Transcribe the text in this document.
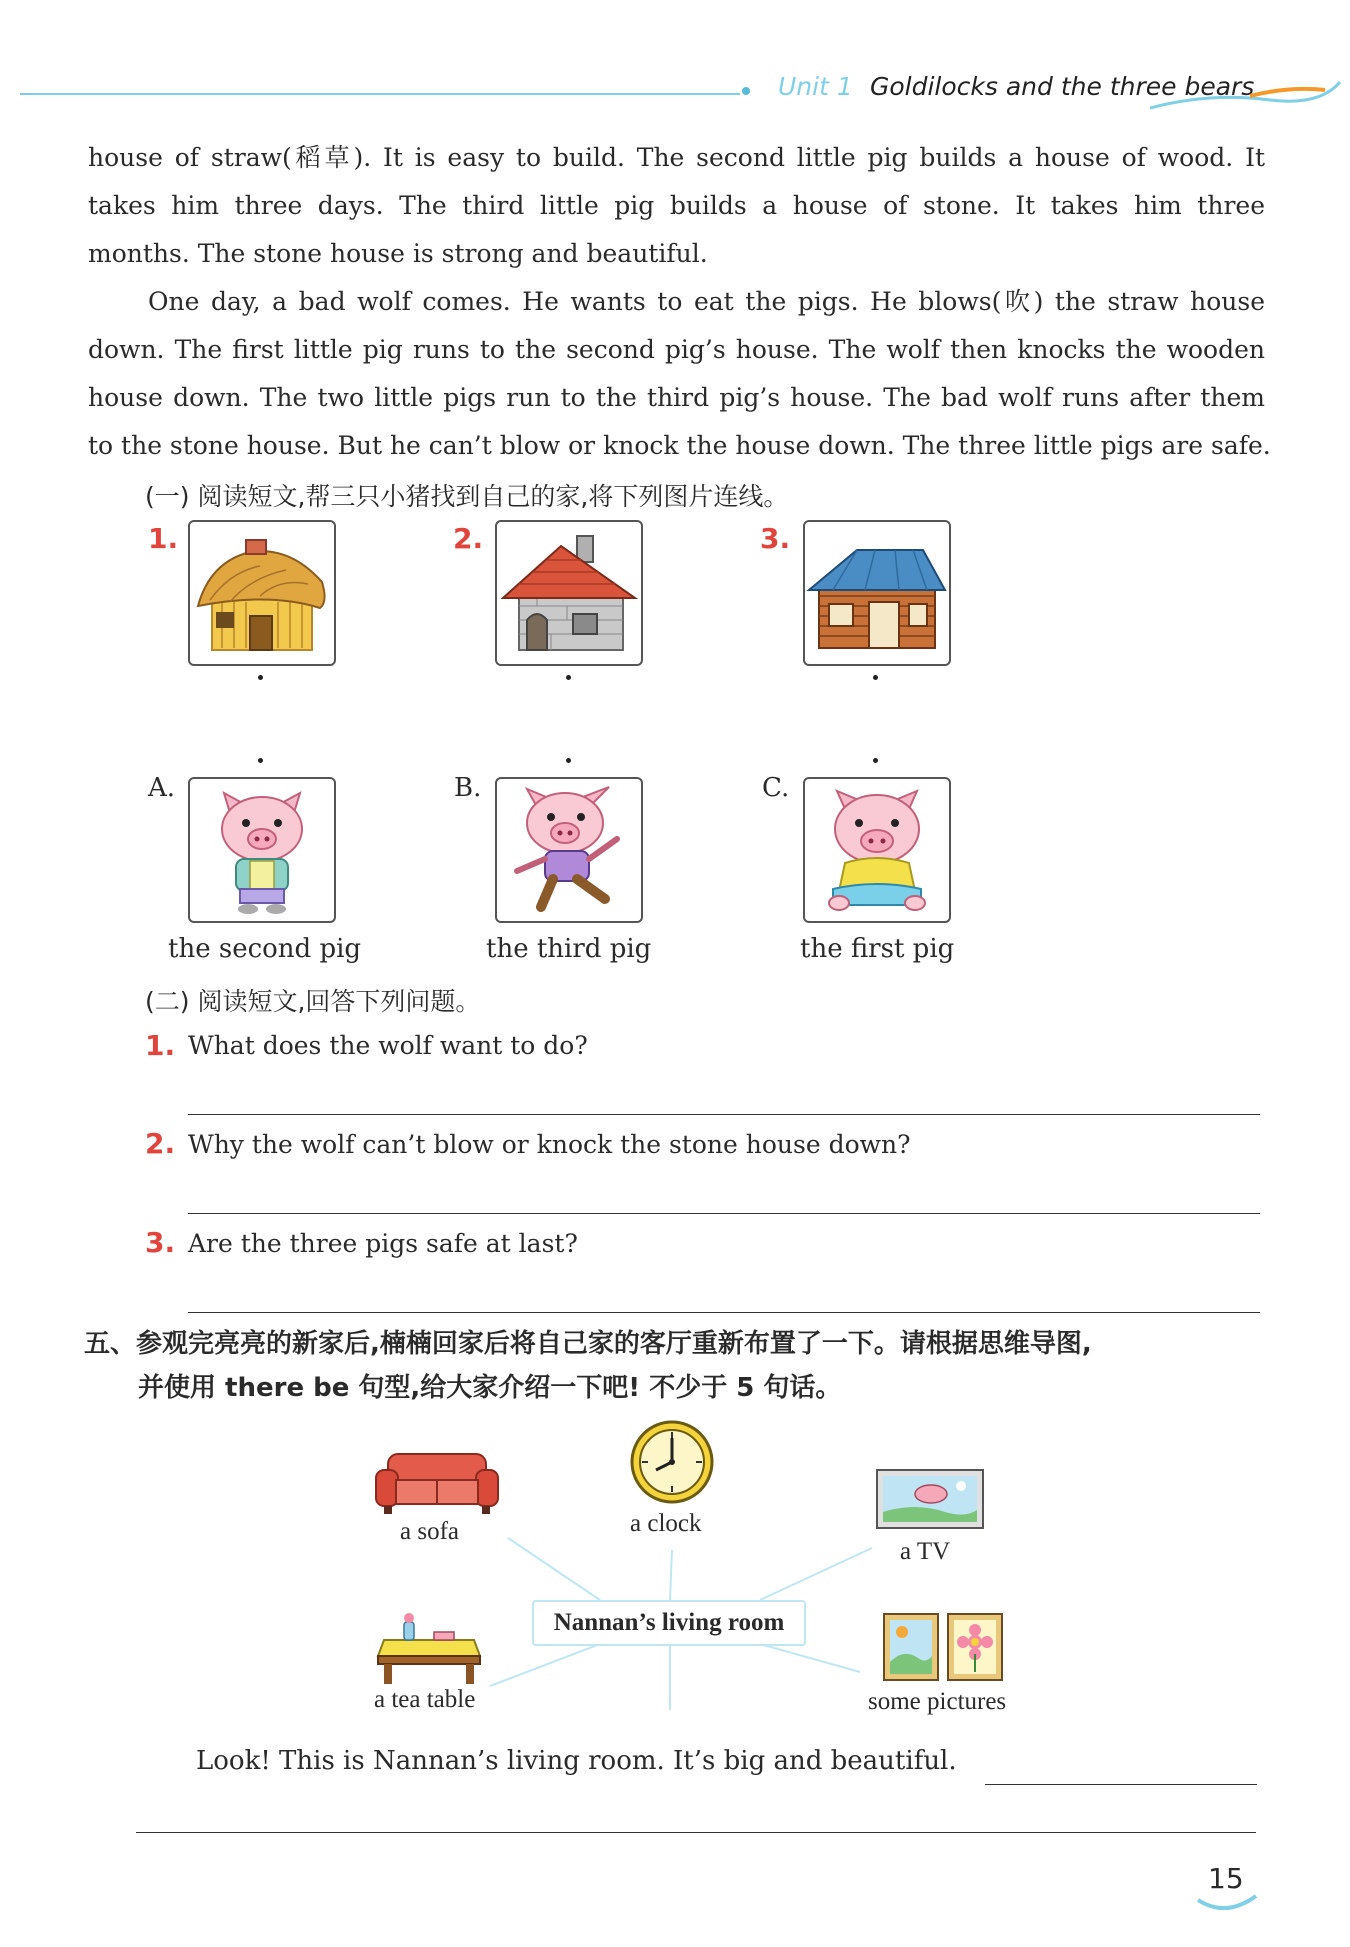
Unit 1 Goldilocks and the three bears
house of straw(稻草). It is easy to build. The second little pig builds a house of wood. It
takes him three days. The third little pig builds a house of stone. It takes him three
months. The stone house is strong and beautiful.
One day, a bad wolf comes. He wants to eat the pigs. He blows(吹) the straw house
down. The first little pig runs to the second pig’s house. The wolf then knocks the wooden
house down. The two little pigs run to the third pig’s house. The bad wolf runs after them
to the stone house. But he can’t blow or knock the house down. The three little pigs are safe.
(一) 阅读短文,帮三只小猪找到自己的家,将下列图片连线。
1.	2.	3.
A.	B.	C.
the second pig	the third pig	the first pig
(二) 阅读短文,回答下列问题。
1. What does the wolf want to do?
2. Why the wolf can’t blow or knock the stone house down?
3. Are the three pigs safe at last?
五、参观完亮亮的新家后,楠楠回家后将自己家的客厅重新布置了一下。请根据思维导图,
并使用 there be 句型,给大家介绍一下吧! 不少于 5 句话。
a sofa	a clock
a TV
Nannan’s living room
a tea table	some pictures
Look! This is Nannan’s living room. It’s big and beautiful.
15
